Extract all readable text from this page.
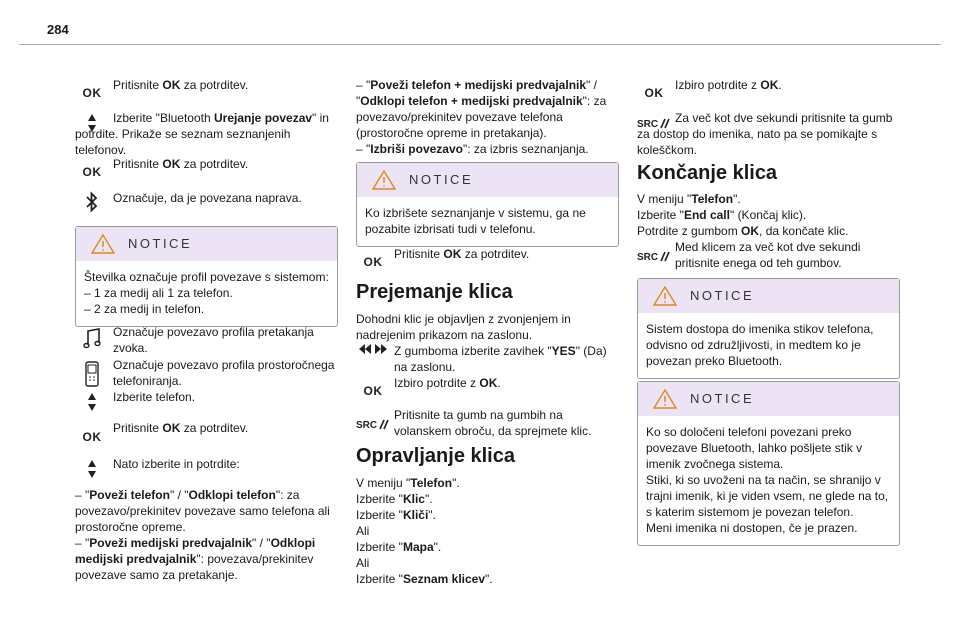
284
OK
Pritisnite OK za potrditev.
Izberite "Bluetooth Urejanje povezav" in potrdite. Prikaže se seznam seznanjenih telefonov.
OK
Pritisnite OK za potrditev.
Označuje, da je povezana naprava.
NOTICE
Številka označuje profil povezave s sistemom:
– 1 za medij ali 1 za telefon.
– 2 za medij in telefon.
Označuje povezavo profila pretakanja zvoka.
Označuje povezavo profila prostoročnega telefoniranja.
Izberite telefon.
OK
Pritisnite OK za potrditev.
Nato izberite in potrdite:
– "Poveži telefon" / "Odklopi telefon": za povezavo/prekinitev povezave samo telefona ali prostoročne opreme.
– "Poveži medijski predvajalnik" / "Odklopi medijski predvajalnik": povezava/prekinitev povezave samo za pretakanje.
– "Poveži telefon + medijski predvajalnik" / "Odklopi telefon + medijski predvajalnik": za povezavo/prekinitev povezave telefona (prostoročne opreme in pretakanja).
– "Izbriši povezavo": za izbris seznanjanja.
NOTICE
Ko izbrišete seznanjanje v sistemu, ga ne pozabite izbrisati tudi v telefonu.
OK
Pritisnite OK za potrditev.
Prejemanje klica
Dohodni klic je objavljen z zvonjenjem in nadrejenim prikazom na zaslonu.
Z gumboma izberite zavihek "YES" (Da) na zaslonu.
OK
Izbiro potrdite z OK.
SRC
Pritisnite ta gumb na gumbih na volanskem obroču, da sprejmete klic.
Opravljanje klica
V meniju "Telefon".
Izberite "Klic".
Izberite "Kliči".
Ali
Izberite "Mapa".
Ali
Izberite "Seznam klicev".
OK
Izbiro potrdite z OK.
SRC	Za več kot dve sekundi pritisnite ta gumb za dostop do imenika, nato pa se pomikajte s koleščkom.
Končanje klica
V meniju "Telefon".
Izberite "End call" (Končaj klic).
Potrdite z gumbom OK, da končate klic.
SRC
Med klicem za več kot dve sekundi pritisnite enega od teh gumbov.
NOTICE
Sistem dostopa do imenika stikov telefona, odvisno od združljivosti, in medtem ko je povezan preko Bluetooth.
NOTICE
Ko so določeni telefoni povezani preko povezave Bluetooth, lahko pošljete stik v imenik zvočnega sistema.
Stiki, ki so uvoženi na ta način, se shranijo v trajni imenik, ki je viden vsem, ne glede na to, s katerim sistemom je povezan telefon.
Meni imenika ni dostopen, če je prazen.
